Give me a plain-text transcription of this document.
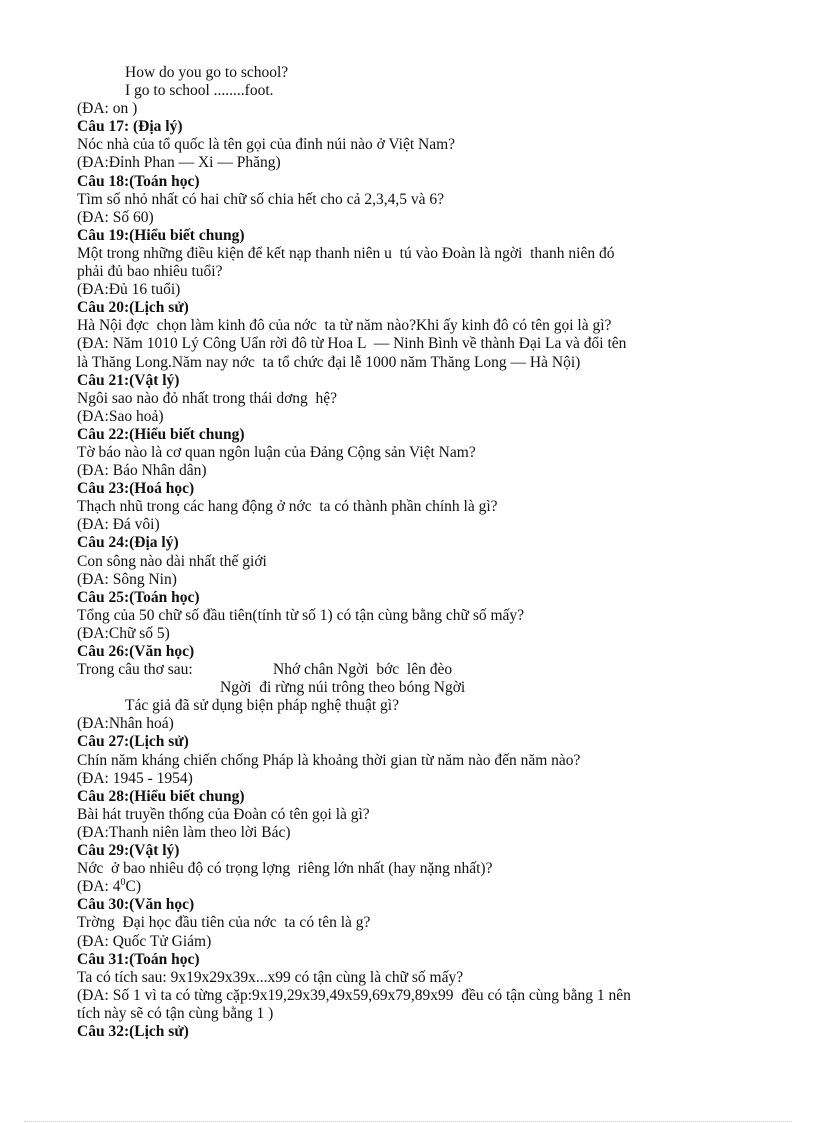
How do you go to school?
I go to school ........foot.
(ĐA: on )
Câu 17: (Địa lý)
Nóc nhà của tổ quốc là tên gọi của đỉnh núi nào ở Việt Nam?
(ĐA:Đỉnh Phan — Xi — Phăng)
Câu 18:(Toán học)
Tìm số nhỏ nhất có hai chữ số chia hết cho cả 2,3,4,5 và 6?
(ĐA: Số 60)
Câu 19:(Hiểu biết chung)
Một trong những điều kiện để kết nạp thanh niên u  tú vào Đoàn là ngời  thanh niên đó
phải đủ bao nhiêu tuổi?
(ĐA:Đủ 16 tuổi)
Câu 20:(Lịch sử)
Hà Nội đợc  chọn làm kinh đô của nớc  ta từ năm nào?Khi ấy kinh đô có tên gọi là gì?
(ĐA: Năm 1010 Lý Công Uẩn rời đô từ Hoa L  — Ninh Bình về thành Đại La và đổi tên
là Thăng Long.Năm nay nớc  ta tổ chức đại lễ 1000 năm Thăng Long — Hà Nội)
Câu 21:(Vật lý)
Ngôi sao nào đỏ nhất trong thái dơng  hệ?
(ĐA:Sao hoả)
Câu 22:(Hiểu biết chung)
Tờ báo nào là cơ quan ngôn luận của Đảng Cộng sản Việt Nam?
(ĐA: Báo Nhân dân)
Câu 23:(Hoá học)
Thạch nhũ trong các hang động ở nớc  ta có thành phần chính là gì?
(ĐA: Đá vôi)
Câu 24:(Địa lý)
Con sông nào dài nhất thế giới
(ĐA: Sông Nin)
Câu 25:(Toán học)
Tổng của 50 chữ số đầu tiên(tính từ số 1) có tận cùng bằng chữ số mấy?
(ĐA:Chữ số 5)
Câu 26:(Văn học)
Trong câu thơ sau:	Nhớ chân Ngời  bớc  lên đèo
Ngời  đi rừng núi trông theo bóng Ngời
Tác giả đã sử dụng biện pháp nghệ thuật gì?
(ĐA:Nhân hoá)
Câu 27:(Lịch sử)
Chín năm kháng chiến chống Pháp là khoảng thời gian từ năm nào đến năm nào?
(ĐA: 1945 - 1954)
Câu 28:(Hiểu biết chung)
Bài hát truyền thống của Đoàn có tên gọi là gì?
(ĐA:Thanh niên làm theo lời Bác)
Câu 29:(Vật lý)
Nớc  ở bao nhiêu độ có trọng lợng  riêng lớn nhất (hay nặng nhất)?
(ĐA: $4^0C$)
Câu 30:(Văn học)
Trờng  Đại học đầu tiên của nớc  ta có tên là g?
(ĐA: Quốc Tử Giám)
Câu 31:(Toán học)
Ta có tích sau: 9x19x29x39x...x99 có tận cùng là chữ số mấy?
(ĐA: Số 1 vì ta có từng cặp:9x19,29x39,49x59,69x79,89x99  đều có tận cùng bằng 1 nên
tích này sẽ có tận cùng bằng 1 )
Câu 32:(Lịch sử)
